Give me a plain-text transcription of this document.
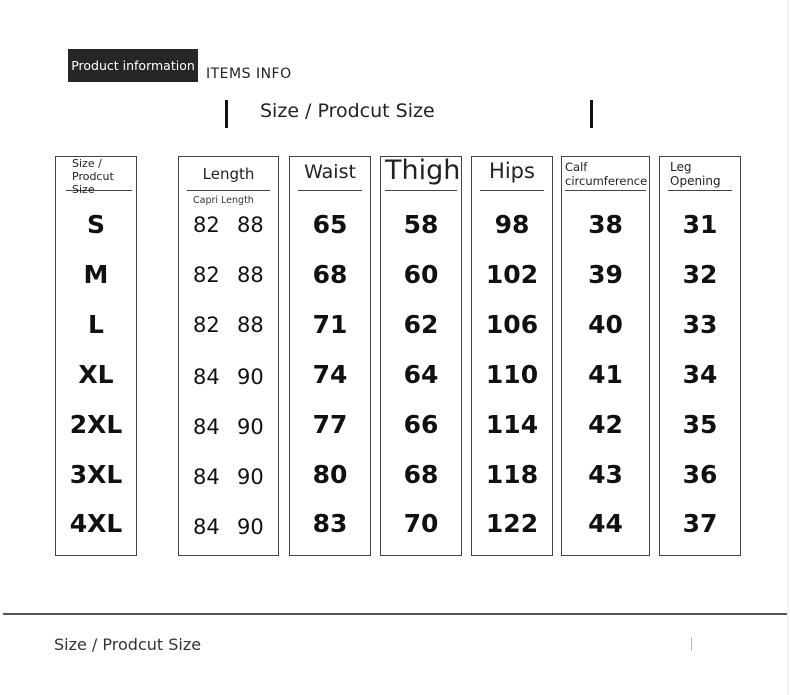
Product information
ITEMS INFO
Size / Prodcut Size
Size /
Prodcut
Size
S
M
L
XL
2XL
3XL
4XL
Length
Capri Length
82 88
82 88
82 88
84 90
84 90
84 90
84 90
Waist
65
68
71
74
77
80
83
Thigh
58
60
62
64
66
68
70
Hips
98
102
106
110
114
118
122
Calf
circumference
38
39
40
41
42
43
44
Leg
Opening
31
32
33
34
35
36
37
Size / Prodcut Size
